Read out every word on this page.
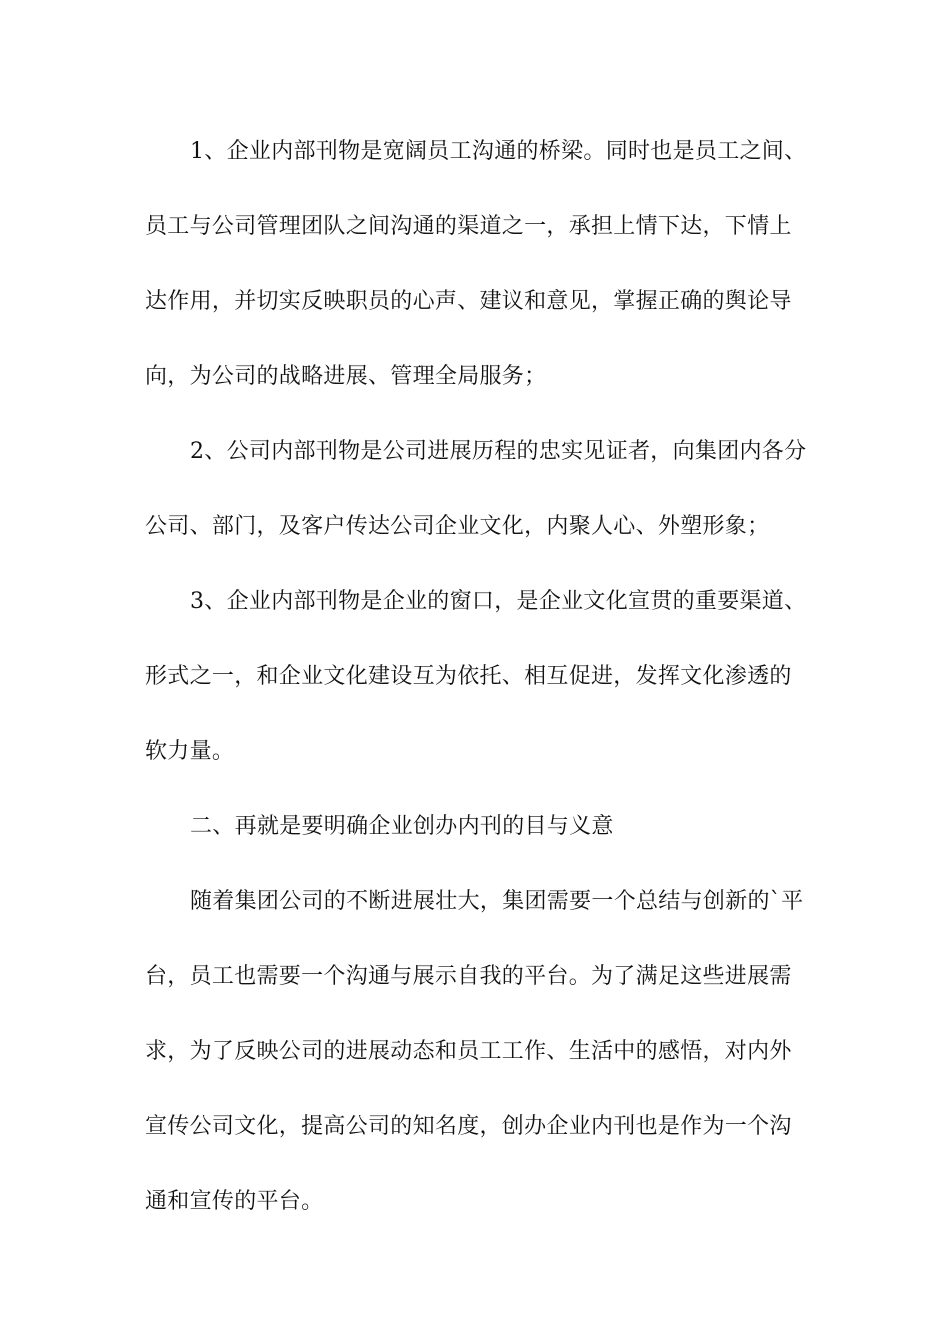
1、企业内部刊物是宽阔员工沟通的桥梁。同时也是员工之间、
员工与公司管理团队之间沟通的渠道之一，承担上情下达，下情上
达作用，并切实反映职员的心声、建议和意见，掌握正确的舆论导
向，为公司的战略进展、管理全局服务；
2、公司内部刊物是公司进展历程的忠实见证者，向集团内各分
公司、部门，及客户传达公司企业文化，内聚人心、外塑形象；
3、企业内部刊物是企业的窗口，是企业文化宣贯的重要渠道、
形式之一，和企业文化建设互为依托、相互促进，发挥文化渗透的
软力量。
二、再就是要明确企业创办内刊的目与义意
随着集团公司的不断进展壮大，集团需要一个总结与创新的`平
台，员工也需要一个沟通与展示自我的平台。为了满足这些进展需
求，为了反映公司的进展动态和员工工作、生活中的感悟，对内外
宣传公司文化，提高公司的知名度，创办企业内刊也是作为一个沟
通和宣传的平台。
